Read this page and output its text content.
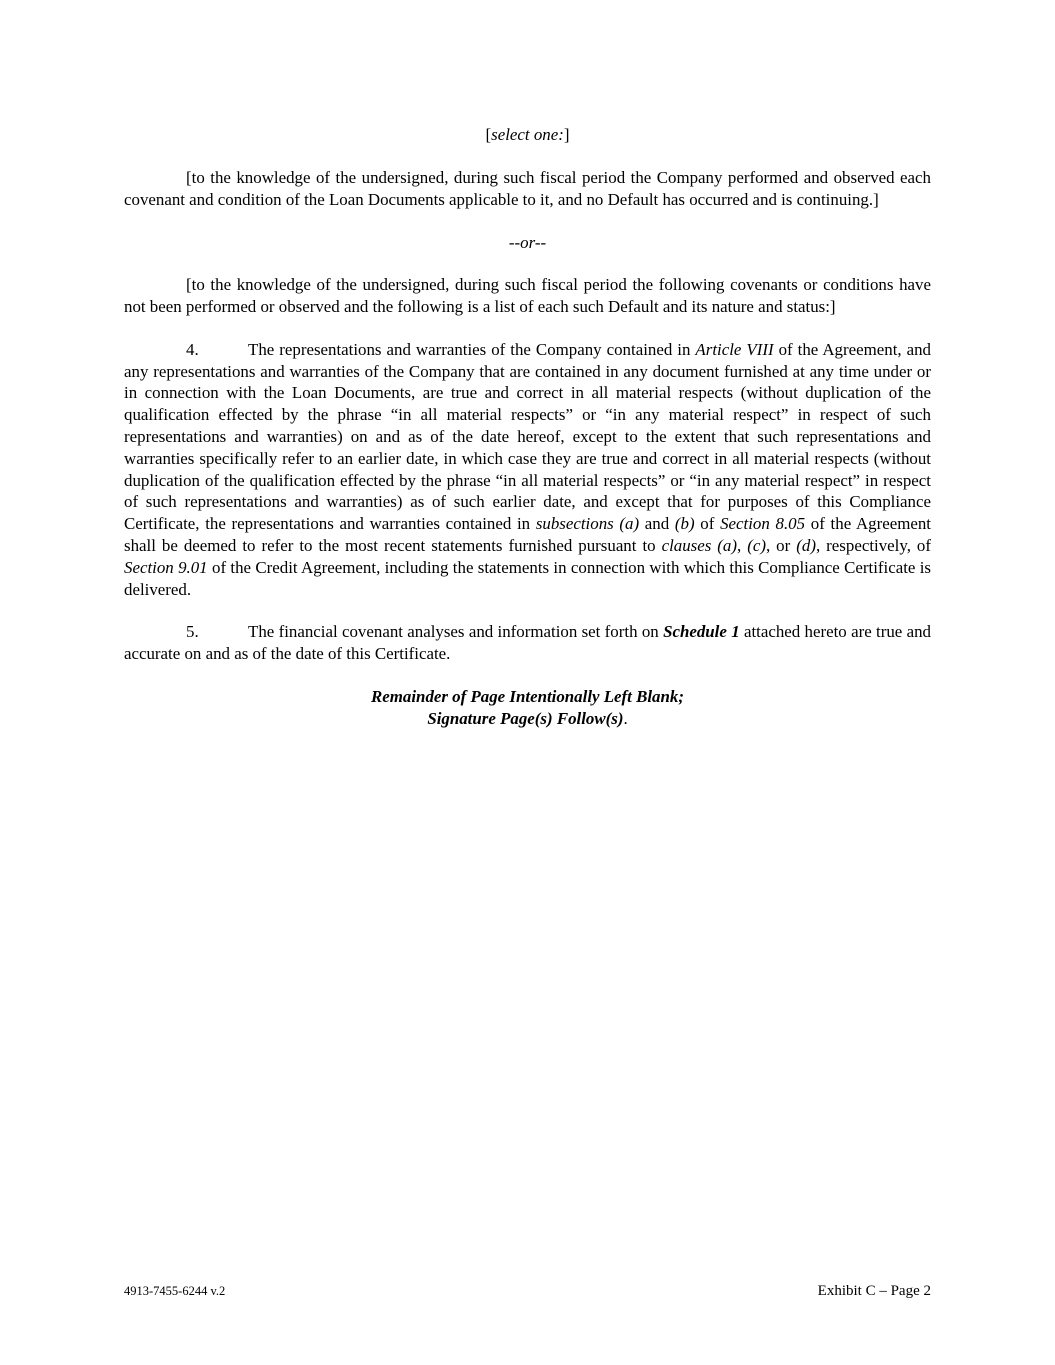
[select one:]

[to the knowledge of the undersigned, during such fiscal period the Company performed and observed each covenant and condition of the Loan Documents applicable to it, and no Default has occurred and is continuing.]

--or--

[to the knowledge of the undersigned, during such fiscal period the following covenants or conditions have not been performed or observed and the following is a list of each such Default and its nature and status:]

4.	The representations and warranties of the Company contained in Article VIII of the Agreement, and any representations and warranties of the Company that are contained in any document furnished at any time under or in connection with the Loan Documents, are true and correct in all material respects (without duplication of the qualification effected by the phrase “in all material respects” or “in any material respect” in respect of such representations and warranties) on and as of the date hereof, except to the extent that such representations and warranties specifically refer to an earlier date, in which case they are true and correct in all material respects (without duplication of the qualification effected by the phrase “in all material respects” or “in any material respect” in respect of such representations and warranties) as of such earlier date, and except that for purposes of this Compliance Certificate, the representations and warranties contained in subsections (a) and (b) of Section 8.05 of the Agreement shall be deemed to refer to the most recent statements furnished pursuant to clauses (a), (c), or (d), respectively, of Section 9.01 of the Credit Agreement, including the statements in connection with which this Compliance Certificate is delivered.

5.	The financial covenant analyses and information set forth on Schedule 1 attached hereto are true and accurate on and as of the date of this Certificate.

Remainder of Page Intentionally Left Blank;

Signature Page(s) Follow(s).

4913-7455-6244 v.2	Exhibit C – Page 2
